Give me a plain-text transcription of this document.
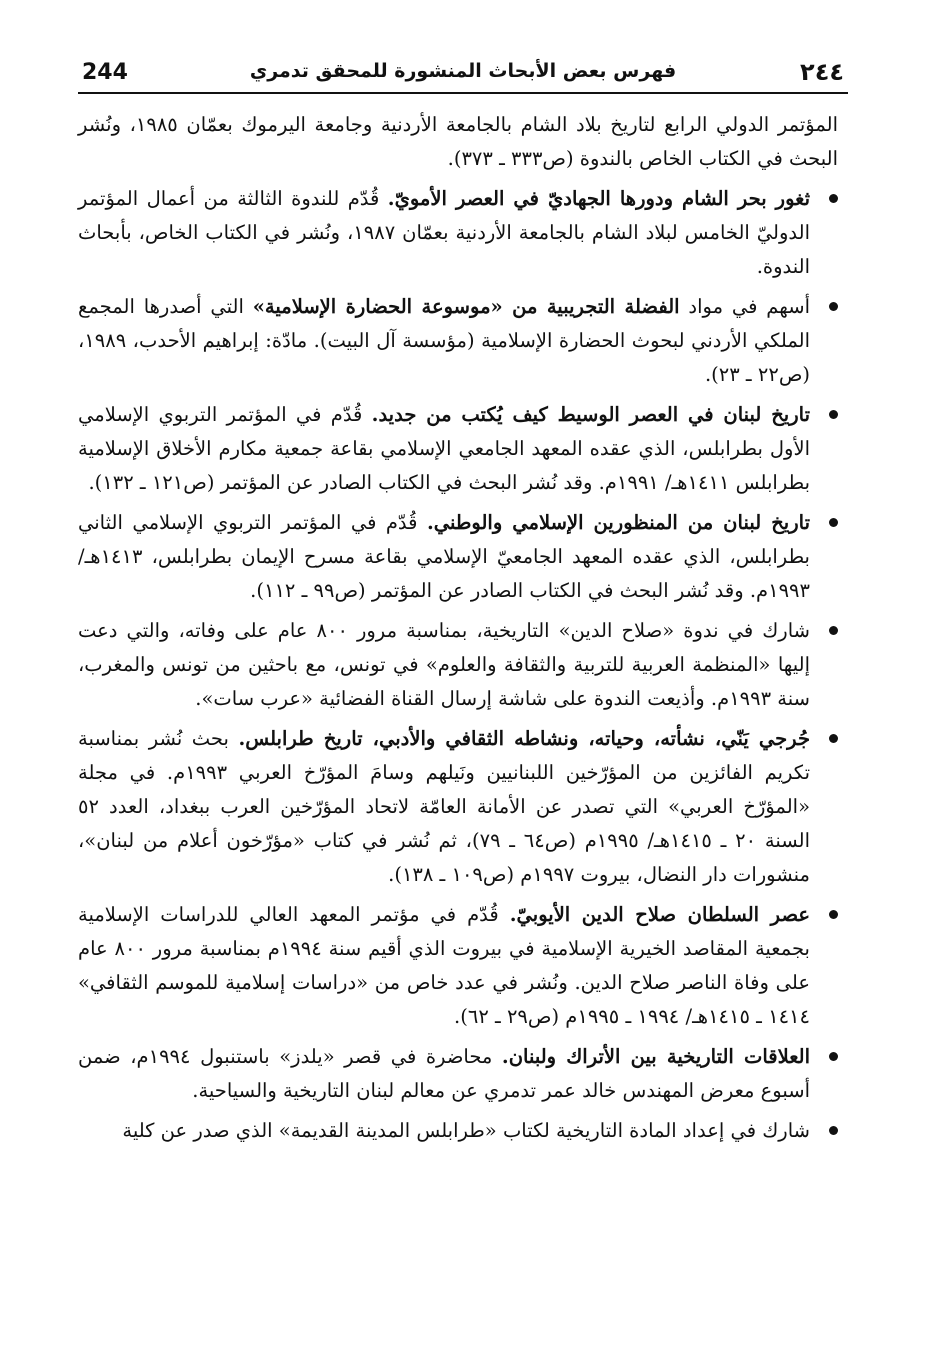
244	فهرس بعض الأبحاث المنشورة للمحقق تدمري	٢٤٤

المؤتمر الدولي الرابع لتاريخ بلاد الشام بالجامعة الأردنية وجامعة اليرموك بعمّان ١٩٨٥، ونُشر البحث في الكتاب الخاص بالندوة (ص٣٣٣ ـ ٣٧٣).

ثغور بحر الشام ودورها الجهاديّ في العصر الأمويّ. قُدّم للندوة الثالثة من أعمال المؤتمر الدوليّ الخامس لبلاد الشام بالجامعة الأردنية بعمّان ١٩٨٧، ونُشر في الكتاب الخاص، بأبحاث الندوة.
أسهم في مواد الفضلة التجريبية من «موسوعة الحضارة الإسلامية» التي أصدرها المجمع الملكي الأردني لبحوث الحضارة الإسلامية (مؤسسة آل البيت). مادّة: إبراهيم الأحدب، ١٩٨٩، (ص٢٢ ـ ٢٣).
تاريخ لبنان في العصر الوسيط كيف يُكتب من جديد. قُدّم في المؤتمر التربوي الإسلامي الأول بطرابلس، الذي عقده المعهد الجامعي الإسلامي بقاعة جمعية مكارم الأخلاق الإسلامية بطرابلس ١٤١١هـ/ ١٩٩١م. وقد نُشر البحث في الكتاب الصادر عن المؤتمر (ص١٢١ ـ ١٣٢).
تاريخ لبنان من المنظورين الإسلامي والوطني. قُدّم في المؤتمر التربوي الإسلامي الثاني بطرابلس، الذي عقده المعهد الجامعيّ الإسلامي بقاعة مسرح الإيمان بطرابلس، ١٤١٣هـ/ ١٩٩٣م. وقد نُشر البحث في الكتاب الصادر عن المؤتمر (ص٩٩ ـ ١١٢).
شارك في ندوة «صلاح الدين» التاريخية، بمناسبة مرور ٨٠٠ عام على وفاته، والتي دعت إليها «المنظمة العربية للتربية والثقافة والعلوم» في تونس، مع باحثين من تونس والمغرب، سنة ١٩٩٣م. وأذيعت الندوة على شاشة إرسال القناة الفضائية «عرب سات».
جُرجي يَنّي، نشأته، وحياته، ونشاطه الثقافي والأدبي، تاريخ طرابلس. بحث نُشر بمناسبة تكريم الفائزين من المؤرّخين اللبنانيين ونَيلهم وسامَ المؤرّخ العربي ١٩٩٣م. في مجلة «المؤرّخ العربي» التي تصدر عن الأمانة العامّة لاتحاد المؤرّخين العرب ببغداد، العدد ٥٢ السنة ٢٠ ـ ١٤١٥هـ/ ١٩٩٥م (ص٦٤ ـ ٧٩)، ثم نُشر في كتاب «مؤرّخون أعلام من لبنان»، منشورات دار النضال، بيروت ١٩٩٧م (ص١٠٩ ـ ١٣٨).
عصر السلطان صلاح الدين الأيوبيّ. قُدّم في مؤتمر المعهد العالي للدراسات الإسلامية بجمعية المقاصد الخيرية الإسلامية في بيروت الذي أقيم سنة ١٩٩٤م بمناسبة مرور ٨٠٠ عام على وفاة الناصر صلاح الدين. ونُشر في عدد خاص من «دراسات إسلامية للموسم الثقافي» ١٤١٤ ـ ١٤١٥هـ/ ١٩٩٤ ـ ١٩٩٥م (ص٢٩ ـ ٦٢).
العلاقات التاريخية بين الأتراك ولبنان. محاضرة في قصر «يلدز» باستنبول ١٩٩٤م، ضمن أسبوع معرض المهندس خالد عمر تدمري عن معالم لبنان التاريخية والسياحية.
شارك في إعداد المادة التاريخية لكتاب «طرابلس المدينة القديمة» الذي صدر عن كلية
